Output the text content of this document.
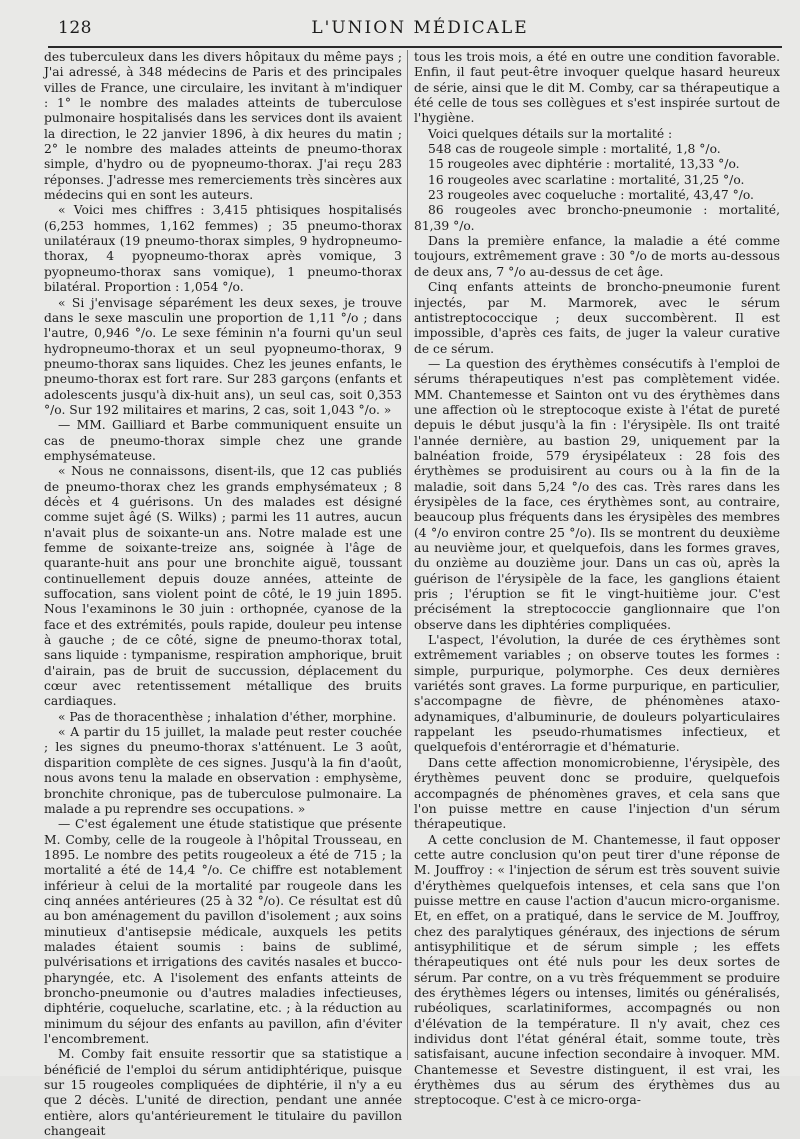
128	L'UNION MÉDICALE

des tuberculeux dans les divers hôpitaux du même pays ; J'ai adressé, à 348 médecins de Paris et des principales villes de France, une circulaire, les invitant à m'indiquer : 1° le nombre des malades atteints de tuberculose pulmonaire hospitalisés dans les services dont ils avaient la direction, le 22 janvier 1896, à dix heures du matin ; 2° le nombre des malades atteints de pneumo-thorax simple, d'hydro ou de pyopneumo-thorax. J'ai reçu 283 réponses. J'adresse mes remerciements très sincères aux médecins qui en sont les auteurs.

« Voici mes chiffres : 3,415 phtisiques hospitalisés (6,253 hommes, 1,162 femmes) ; 35 pneumo-thorax unilatéraux (19 pneumo-thorax simples, 9 hydropneumo-thorax, 4 pyopneumo-thorax après vomique, 3 pyopneumo-thorax sans vomique), 1 pneumo-thorax bilatéral. Proportion : 1,054 °/o.

« Si j'envisage séparément les deux sexes, je trouve dans le sexe masculin une proportion de 1,11 °/o ; dans l'autre, 0,946 °/o. Le sexe féminin n'a fourni qu'un seul hydropneumo-thorax et un seul pyopneumo-thorax, 9 pneumo-thorax sans liquides. Chez les jeunes enfants, le pneumo-thorax est fort rare. Sur 283 garçons (enfants et adolescents jusqu'à dix-huit ans), un seul cas, soit 0,353 °/o. Sur 192 militaires et marins, 2 cas, soit 1,043 °/o. »

— MM. Gailliard et Barbe communiquent ensuite un cas de pneumo-thorax simple chez une grande emphysémateuse.

« Nous ne connaissons, disent-ils, que 12 cas publiés de pneumo-thorax chez les grands emphysémateux ; 8 décès et 4 guérisons. Un des malades est désigné comme sujet âgé (S. Wilks) ; parmi les 11 autres, aucun n'avait plus de soixante-un ans. Notre malade est une femme de soixante-treize ans, soignée à l'âge de quarante-huit ans pour une bronchite aiguë, toussant continuellement depuis douze années, atteinte de suffocation, sans violent point de côté, le 19 juin 1895. Nous l'examinons le 30 juin : orthopnée, cyanose de la face et des extrémités, pouls rapide, douleur peu intense à gauche ; de ce côté, signe de pneumo-thorax total, sans liquide : tympanisme, respiration amphorique, bruit d'airain, pas de bruit de succussion, déplacement du cœur avec retentissement métallique des bruits cardiaques.

« Pas de thoracenthèse ; inhalation d'éther, morphine.

« A partir du 15 juillet, la malade peut rester couchée ; les signes du pneumo-thorax s'atténuent. Le 3 août, disparition complète de ces signes. Jusqu'à la fin d'août, nous avons tenu la malade en observation : emphysème, bronchite chronique, pas de tuberculose pulmonaire. La malade a pu reprendre ses occupations. »

— C'est également une étude statistique que présente M. Comby, celle de la rougeole à l'hôpital Trousseau, en 1895. Le nombre des petits rougeoleux a été de 715 ; la mortalité a été de 14,4 °/o. Ce chiffre est notablement inférieur à celui de la mortalité par rougeole dans les cinq années antérieures (25 à 32 °/o). Ce résultat est dû au bon aménagement du pavillon d'isolement ; aux soins minutieux d'antisepsie médicale, auxquels les petits malades étaient soumis : bains de sublimé, pulvérisations et irrigations des cavités nasales et bucco-pharyngée, etc. A l'isolement des enfants atteints de broncho-pneumonie ou d'autres maladies infectieuses, diphtérie, coqueluche, scarlatine, etc. ; à la réduction au minimum du séjour des enfants au pavillon, afin d'éviter l'encombrement.

M. Comby fait ensuite ressortir que sa statistique a bénéficié de l'emploi du sérum antidiphtérique, puisque sur 15 rougeoles compliquées de diphtérie, il n'y a eu que 2 décès. L'unité de direction, pendant une année entière, alors qu'antérieurement le titulaire du pavillon changeait

tous les trois mois, a été en outre une condition favorable. Enfin, il faut peut-être invoquer quelque hasard heureux de série, ainsi que le dit M. Comby, car sa thérapeutique a été celle de tous ses collègues et s'est inspirée surtout de l'hygiène.

Voici quelques détails sur la mortalité :

548 cas de rougeole simple : mortalité, 1,8 °/o.

15 rougeoles avec diphtérie : mortalité, 13,33 °/o.

16 rougeoles avec scarlatine : mortalité, 31,25 °/o.

23 rougeoles avec coqueluche : mortalité, 43,47 °/o.

86 rougeoles avec broncho-pneumonie : mortalité, 81,39 °/o.

Dans la première enfance, la maladie a été comme toujours, extrêmement grave : 30 °/o de morts au-dessous de deux ans, 7 °/o au-dessus de cet âge.

Cinq enfants atteints de broncho-pneumonie furent injectés, par M. Marmorek, avec le sérum antistreptococcique ; deux succombèrent. Il est impossible, d'après ces faits, de juger la valeur curative de ce sérum.

— La question des érythèmes consécutifs à l'emploi de sérums thérapeutiques n'est pas complètement vidée. MM. Chantemesse et Sainton ont vu des érythèmes dans une affection où le streptocoque existe à l'état de pureté depuis le début jusqu'à la fin : l'érysipèle. Ils ont traité l'année dernière, au bastion 29, uniquement par la balnéation froide, 579 érysipélateux : 28 fois des érythèmes se produisirent au cours ou à la fin de la maladie, soit dans 5,24 °/o des cas. Très rares dans les érysipèles de la face, ces érythèmes sont, au contraire, beaucoup plus fréquents dans les érysipèles des membres (4 °/o environ contre 25 °/o). Ils se montrent du deuxième au neuvième jour, et quelquefois, dans les formes graves, du onzième au douzième jour. Dans un cas où, après la guérison de l'érysipèle de la face, les ganglions étaient pris ; l'éruption se fit le vingt-huitième jour. C'est précisément la streptococcie ganglionnaire que l'on observe dans les diphtéries compliquées.

L'aspect, l'évolution, la durée de ces érythèmes sont extrêmement variables ; on observe toutes les formes : simple, purpurique, polymorphe. Ces deux dernières variétés sont graves. La forme purpurique, en particulier, s'accompagne de fièvre, de phénomènes ataxo-adynamiques, d'albuminurie, de douleurs polyarticulaires rappelant les pseudo-rhumatismes infectieux, et quelquefois d'entérorragie et d'hématurie.

Dans cette affection monomicrobienne, l'érysipèle, des érythèmes peuvent donc se produire, quelquefois accompagnés de phénomènes graves, et cela sans que l'on puisse mettre en cause l'injection d'un sérum thérapeutique.

A cette conclusion de M. Chantemesse, il faut opposer cette autre conclusion qu'on peut tirer d'une réponse de M. Jouffroy : « l'injection de sérum est très souvent suivie d'érythèmes quelquefois intenses, et cela sans que l'on puisse mettre en cause l'action d'aucun micro-organisme. Et, en effet, on a pratiqué, dans le service de M. Jouffroy, chez des paralytiques généraux, des injections de sérum antisyphilitique et de sérum simple ; les effets thérapeutiques ont été nuls pour les deux sortes de sérum. Par contre, on a vu très fréquemment se produire des érythèmes légers ou intenses, limités ou généralisés, rubéoliques, scarlatiniformes, accompagnés ou non d'élévation de la température. Il n'y avait, chez ces individus dont l'état général était, somme toute, très satisfaisant, aucune infection secondaire à invoquer. MM. Chantemesse et Sevestre distinguent, il est vrai, les érythèmes dus au sérum des érythèmes dus au streptocoque. C'est à ce micro-orga-
